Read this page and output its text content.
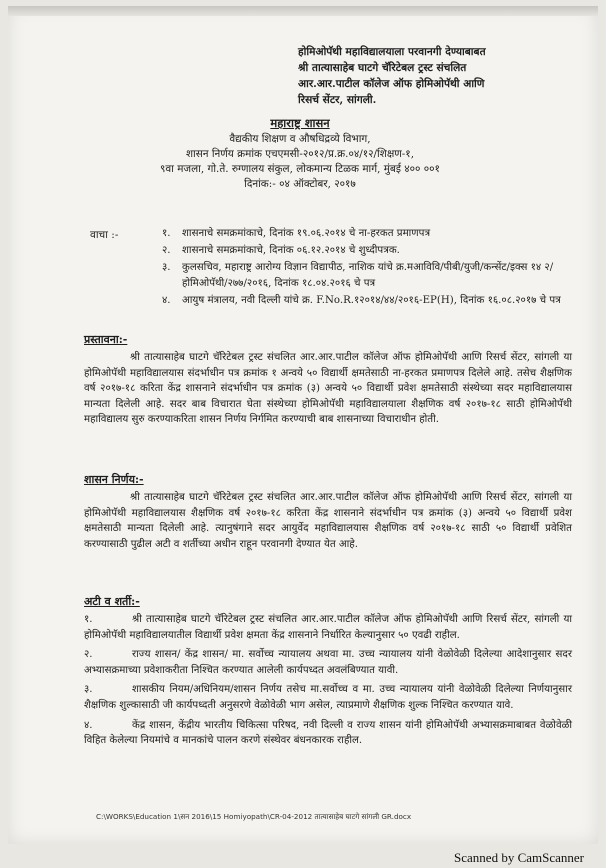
होमिओपॅथी महाविद्यालयाला परवानगी देण्याबाबत
श्री तात्यासाहेब घाटगे चॅरिटेबल ट्रस्ट संचलित
आर.आर.पाटील कॉलेज ऑफ होमिओपॅथी आणि
रिसर्च सेंटर, सांगली.
महाराष्ट्र शासन
वैद्यकीय शिक्षण व औषधिद्रव्ये विभाग,
शासन निर्णय क्रमांक एचएमसी-२०१२/प्र.क्र.०४/१२/शिक्षण-१,
९वा मजला, गो.ते. रुग्णालय संकुल, लोकमान्य टिळक मार्ग, मुंबई ४०० ००१
दिनांक:- ०४ ऑक्टोबर, २०१७
वाचा :-	१.	शासनाचे समक्रमांकाचे, दिनांक १९.०६.२०१४ चे ना-हरकत प्रमाणपत्र
२.	शासनाचे समक्रमांकाचे, दिनांक ०६.१२.२०१४ चे शुध्दीपत्रक.
३.	कुलसचिव, महाराष्ट्र आरोग्य विज्ञान विद्यापीठ, नाशिक यांचे क्र.मआविवि/पीबी/युजी/कन्सेंट/इक्स १४ २/होमिओपॅथी/२७७/२०१६, दिनांक १८.०४.२०१६ चे पत्र
४.	आयुष मंत्रालय, नवी दिल्ली यांचे क्र. F.No.R.१२०१४/४४/२०१६-EP(H), दिनांक १६.०८.२०१७ चे पत्र
प्रस्तावना:-
श्री तात्यासाहेब घाटगे चॅरिटेबल ट्रस्ट संचलित आर.आर.पाटील कॉलेज ऑफ होमिओपॅथी आणि रिसर्च सेंटर, सांगली या होमिओपॅथी महाविद्यालयास संदर्भाधीन पत्र क्रमांक १ अन्वये ५० विद्यार्थी क्षमतेसाठी ना-हरकत प्रमाणपत्र दिलेले आहे. तसेच शैक्षणिक वर्ष २०१७-१८ करिता केंद्र शासनाने संदर्भाधीन पत्र क्रमांक (३) अन्वये ५० विद्यार्थी प्रवेश क्षमतेसाठी संस्थेच्या सदर महाविद्यालयास मान्यता दिलेली आहे. सदर बाब विचारात घेता संस्थेच्या होमिओपॅथी महाविद्यालयाला शैक्षणिक वर्ष २०१७-१८ साठी होमिओपॅथी महाविद्यालय सुरु करण्याकरिता शासन निर्णय निर्गमित करण्याची बाब शासनाच्या विचाराधीन होती.
शासन निर्णय:-
श्री तात्यासाहेब घाटगे चॅरिटेबल ट्रस्ट संचलित आर.आर.पाटील कॉलेज ऑफ होमिओपॅथी आणि रिसर्च सेंटर, सांगली या होमिओपॅथी महाविद्यालयास शैक्षणिक वर्ष २०१७-१८ करिता केंद्र शासनाने संदर्भाधीन पत्र क्रमांक (३) अन्वये ५० विद्यार्थी प्रवेश क्षमतेसाठी मान्यता दिलेली आहे. त्यानुषंगाने सदर आयुर्वेद महाविद्यालयास शैक्षणिक वर्ष २०१७-१८ साठी ५० विद्यार्थी प्रवेशित करण्यासाठी पुढील अटी व शर्तीच्या अधीन राहून परवानगी देण्यात येत आहे.
अटी व शर्ती:-
१.	श्री तात्यासाहेब घाटगे चॅरिटेबल ट्रस्ट संचलित आर.आर.पाटील कॉलेज ऑफ होमिओपॅथी आणि रिसर्च सेंटर, सांगली या होमिओपॅथी महाविद्यालयातील विद्यार्थी प्रवेश क्षमता केंद्र शासनाने निर्धारित केल्यानुसार ५० एवढी राहील.
२.	राज्य शासन/ केंद्र शासन/ मा. सर्वोच्च न्यायालय अथवा मा. उच्च न्यायालय यांनी वेळोवेळी दिलेल्या आदेशानुसार सदर अभ्यासक्रमाच्या प्रवेशाकरीता निश्चित करण्यात आलेली कार्यपध्दत अवलंबिण्यात यावी.
३.	शासकीय नियम/अधिनियम/शासन निर्णय तसेच मा.सर्वोच्च व मा. उच्च न्यायालय यांनी वेळोवेळी दिलेल्या निर्णयानुसार शैक्षणिक शुल्कासाठी जी कार्यपध्दती अनुसरणे वेळोवेळी भाग असेल, त्याप्रमाणे शैक्षणिक शुल्क निश्चित करण्यात यावे.
४.	केंद्र शासन, केंद्रीय भारतीय चिकित्सा परिषद, नवी दिल्ली व राज्य शासन यांनी होमिओपॅथी अभ्यासक्रमाबाबत वेळोवेळी विहित केलेल्या नियमांचे व मानकांचे पालन करणे संस्थेवर बंधनकारक राहील.
C:\WORKS\Education 1\सन 2016\15 Homiyopath\CR-04-2012 तात्यासाहेब घाटगे सांगली GR.docx
Scanned by CamScanner
